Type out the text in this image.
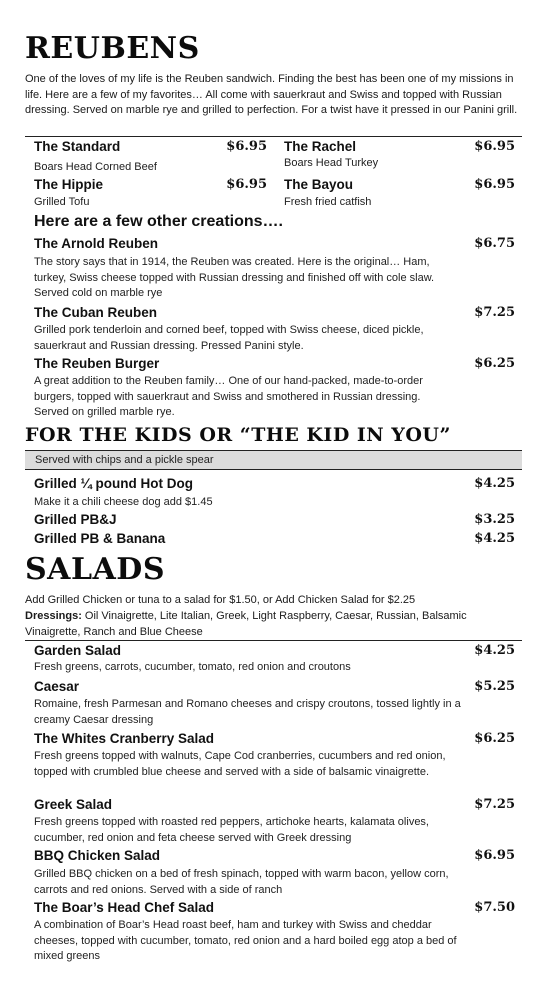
REUBENS
One of the loves of my life is the Reuben sandwich. Finding the best has been one of my missions in life. Here are a few of my favorites… All come with sauerkraut and Swiss and topped with Russian dressing. Served on marble rye and grilled to perfection. For a twist have it pressed in our Panini grill.
The Standard	$6.95
Boars Head Corned Beef
The Rachel	$6.95
Boars Head Turkey
The Hippie	$6.95
Grilled Tofu
The Bayou	$6.95
Fresh fried catfish
Here are a few other creations….
The Arnold Reuben	$6.75
The story says that in 1914, the Reuben was created. Here is the original… Ham, turkey, Swiss cheese topped with Russian dressing and finished off with cole slaw. Served cold on marble rye
The Cuban Reuben	$7.25
Grilled pork tenderloin and corned beef, topped with Swiss cheese, diced pickle, sauerkraut and Russian dressing. Pressed Panini style.
The Reuben Burger	$6.25
A great addition to the Reuben family… One of our hand-packed, made-to-order burgers, topped with sauerkraut and Swiss and smothered in Russian dressing. Served on grilled marble rye.
FOR THE KIDS OR “THE KID IN YOU”
Served with chips and a pickle spear
Grilled ¼ pound Hot Dog	$4.25
Make it a chili cheese dog add $1.45
Grilled PB&J	$3.25
Grilled PB & Banana	$4.25
SALADS
Add Grilled Chicken or tuna to a salad for $1.50, or Add Chicken Salad for $2.25
Dressings: Oil Vinaigrette, Lite Italian, Greek, Light Raspberry, Caesar, Russian, Balsamic Vinaigrette, Ranch and Blue Cheese
Garden Salad	$4.25
Fresh greens, carrots, cucumber, tomato, red onion and croutons
Caesar	$5.25
Romaine, fresh Parmesan and Romano cheeses and crispy croutons, tossed lightly in a creamy Caesar dressing
The Whites Cranberry Salad	$6.25
Fresh greens topped with walnuts, Cape Cod cranberries, cucumbers and red onion, topped with crumbled blue cheese and served with a side of balsamic vinaigrette.
Greek Salad	$7.25
Fresh greens topped with roasted red peppers, artichoke hearts, kalamata olives, cucumber, red onion and feta cheese served with Greek dressing
BBQ Chicken Salad	$6.95
Grilled BBQ chicken on a bed of fresh spinach, topped with warm bacon, yellow corn, carrots and red onions. Served with a side of ranch
The Boar’s Head Chef Salad	$7.50
A combination of Boar’s Head roast beef, ham and turkey with Swiss and cheddar cheeses, topped with cucumber, tomato, red onion and a hard boiled egg atop a bed of mixed greens
